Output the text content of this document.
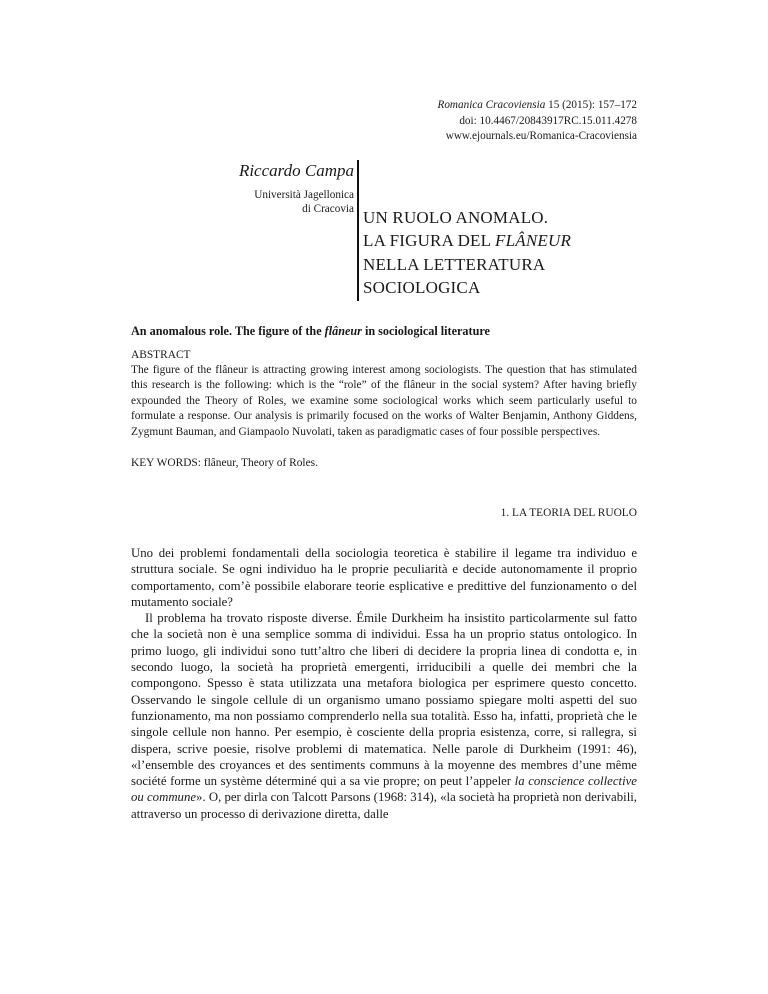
Romanica Cracoviensia 15 (2015): 157–172
doi: 10.4467/20843917RC.15.011.4278
www.ejournals.eu/Romanica-Cracoviensia
Riccardo Campa
Università Jagellonica
di Cracovia UN RUOLO ANOMALO.
LA FIGURA DEL FLÂNEUR
NELLA LETTERATURA
SOCIOLOGICA
An anomalous role. The figure of the flâneur in sociological literature
ABSTRACT
The figure of the flâneur is attracting growing interest among sociologists. The question that has stimulated this research is the following: which is the “role” of the flâneur in the social system? After having briefly expounded the Theory of Roles, we examine some sociological works which seem particularly useful to formulate a response. Our analysis is primarily focused on the works of Walter Benjamin, Anthony Giddens, Zygmunt Bauman, and Giampaolo Nuvolati, taken as paradigmatic cases of four possible perspectives.
KEY WORDS: flâneur, Theory of Roles.
1. LA TEORIA DEL RUOLO

Uno dei problemi fondamentali della sociologia teoretica è stabilire il legame tra individuo e struttura sociale. Se ogni individuo ha le proprie peculiarità e decide autonomamente il proprio comportamento, com’è possibile elaborare teorie esplicative e predittive del funzionamento o del mutamento sociale?

Il problema ha trovato risposte diverse. Émile Durkheim ha insistito particolarmente sul fatto che la società non è una semplice somma di individui. Essa ha un proprio status ontologico. In primo luogo, gli individui sono tutt’altro che liberi di decidere la propria linea di condotta e, in secondo luogo, la società ha proprietà emergenti, irriducibili a quelle dei membri che la compongono. Spesso è stata utilizzata una metafora biologica per esprimere questo concetto. Osservando le singole cellule di un organismo umano possiamo spiegare molti aspetti del suo funzionamento, ma non possiamo comprenderlo nella sua totalità. Esso ha, infatti, proprietà che le singole cellule non hanno. Per esempio, è cosciente della propria esistenza, corre, si rallegra, si dispera, scrive poesie, risolve problemi di matematica. Nelle parole di Durkheim (1991: 46), «l’ensemble des croyances et des sentiments communs à la moyenne des membres d’une même société forme un système déterminé qui a sa vie propre; on peut l’appeler la conscience collective ou commune». O, per dirla con Talcott Parsons (1968: 314), «la società ha proprietà non derivabili, attraverso un processo di derivazione diretta, dalle
